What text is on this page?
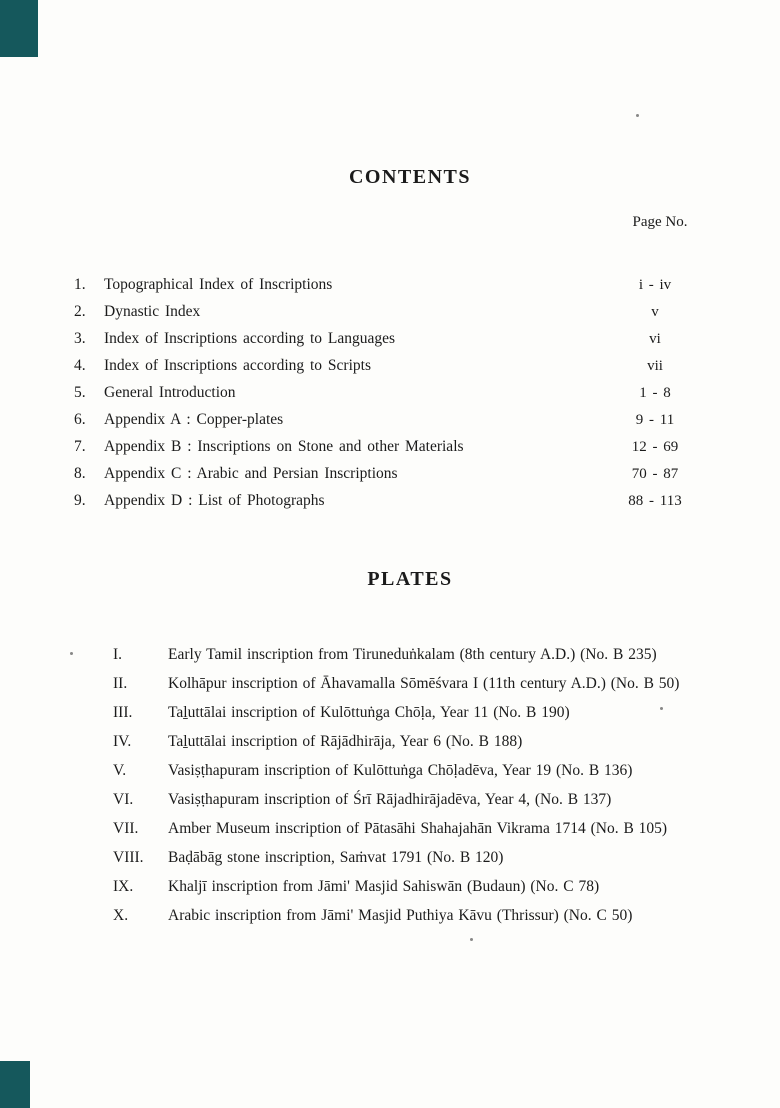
CONTENTS
Page No.
1.	Topographical Index of Inscriptions	i - iv
2.	Dynastic Index	v
3.	Index of Inscriptions according to Languages	vi
4.	Index of Inscriptions according to Scripts	vii
5.	General Introduction	1 - 8
6.	Appendix A : Copper-plates	9 - 11
7.	Appendix B : Inscriptions on Stone and other Materials	12 - 69
8.	Appendix C : Arabic and Persian Inscriptions	70 - 87
9.	Appendix D : List of Photographs	88 - 113
PLATES
I.	Early Tamil inscription from Tiruneduṅkalam (8th century A.D.) (No. B 235)
II.	Kolhāpur inscription of Āhavamalla Sōmēśvara I (11th century A.D.) (No. B 50)
III.	Taḻuttālai inscription of Kulōttuṅga Chōḷa, Year 11 (No. B 190)
IV.	Taḻuttālai inscription of Rājādhirāja, Year 6 (No. B 188)
V.	Vasiṣṭhapuram inscription of Kulōttuṅga Chōḷadēva, Year 19 (No. B 136)
VI.	Vasiṣṭhapuram inscription of Śrī Rājadhirājadēva, Year 4, (No. B 137)
VII.	Amber Museum inscription of Pātasāhi Shahajahān Vikrama 1714 (No. B 105)
VIII.	Baḍābāg stone inscription, Saṁvat 1791 (No. B 120)
IX.	Khaljī inscription from Jāmi' Masjid Sahiswān (Budaun) (No. C 78)
X.	Arabic inscription from Jāmi' Masjid Puthiya Kāvu (Thrissur) (No. C 50)
